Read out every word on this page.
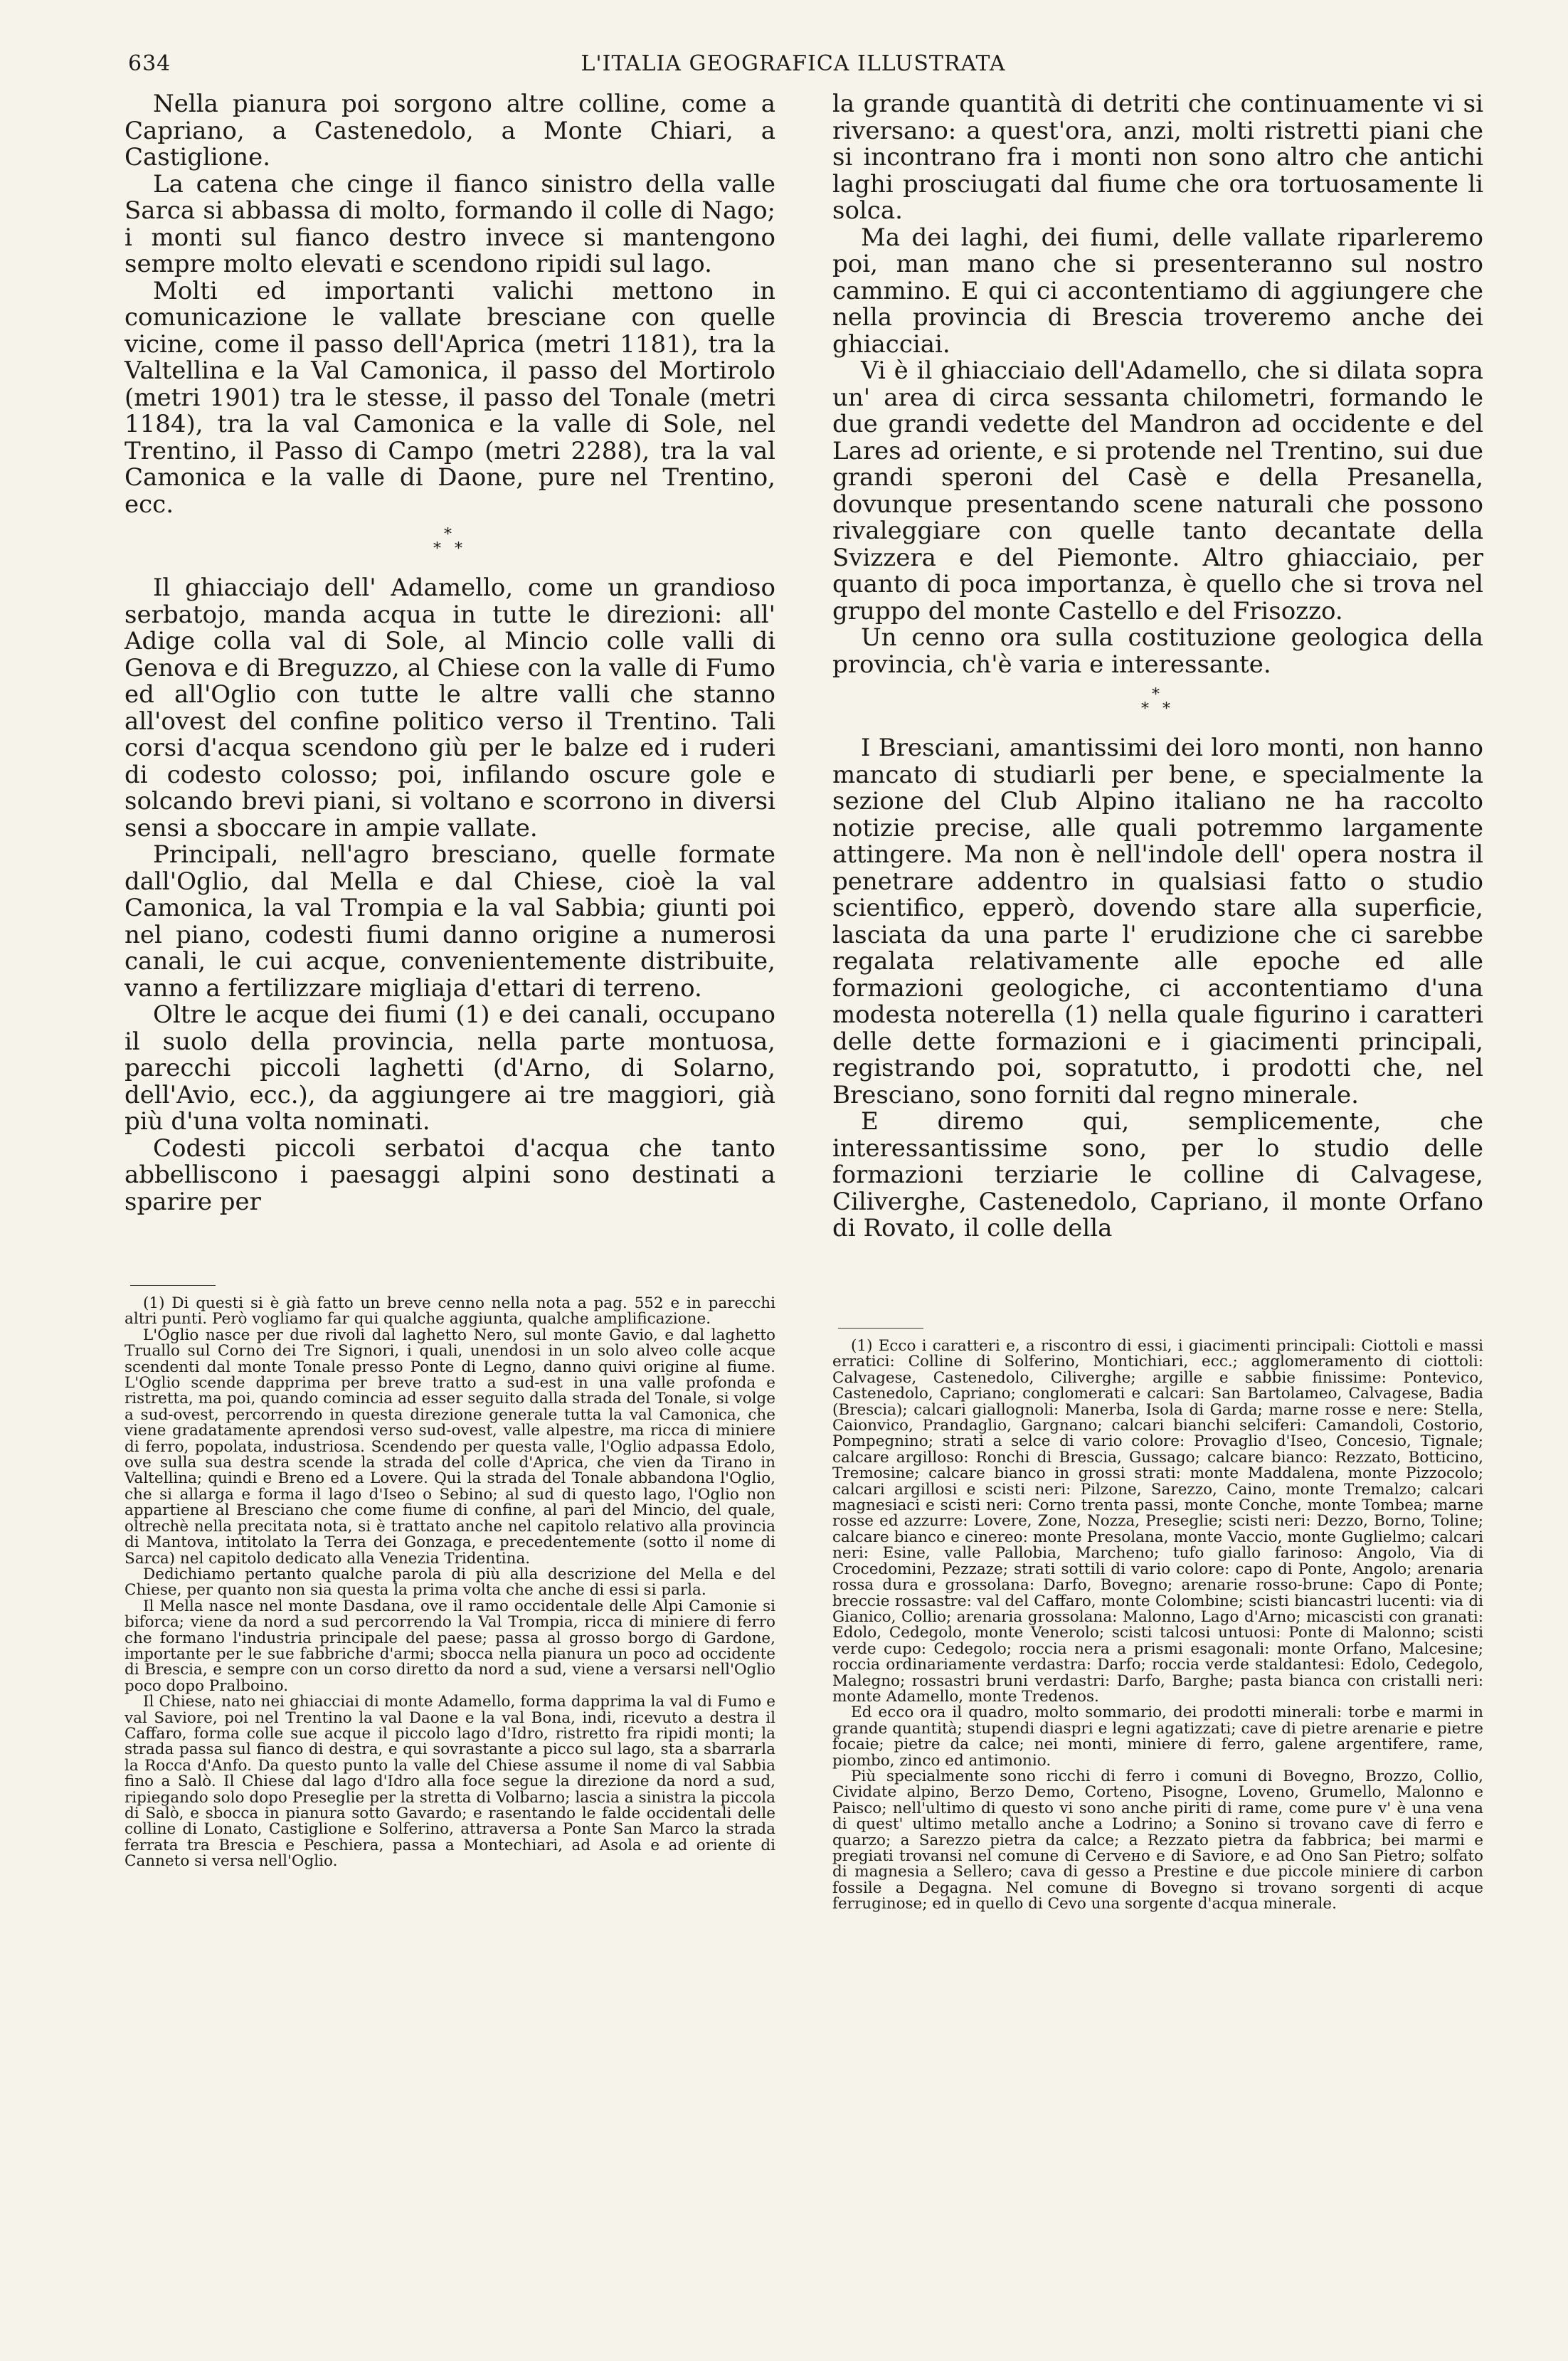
634	L'ITALIA GEOGRAFICA ILLUSTRATA

Nella pianura poi sorgono altre colline, come a Capriano, a Castenedolo, a Monte Chiari, a Castiglione.

La catena che cinge il fianco sinistro della valle Sarca si abbassa di molto, formando il colle di Nago; i monti sul fianco destro invece si mantengono sempre molto elevati e scendono ripidi sul lago.

Molti ed importanti valichi mettono in comunicazione le vallate bresciane con quelle vicine, come il passo dell'Aprica (metri 1181), tra la Valtellina e la Val Camonica, il passo del Mortirolo (metri 1901) tra le stesse, il passo del Tonale (metri 1184), tra la val Camonica e la valle di Sole, nel Trentino, il Passo di Campo (metri 2288), tra la val Camonica e la valle di Daone, pure nel Trentino, ecc.

*
* *

Il ghiacciajo dell' Adamello, come un grandioso serbatojo, manda acqua in tutte le direzioni: all' Adige colla val di Sole, al Mincio colle valli di Genova e di Breguzzo, al Chiese con la valle di Fumo ed all'Oglio con tutte le altre valli che stanno all'ovest del confine politico verso il Trentino. Tali corsi d'acqua scendono giù per le balze ed i ruderi di codesto colosso; poi, infilando oscure gole e solcando brevi piani, si voltano e scorrono in diversi sensi a sboccare in ampie vallate.

Principali, nell'agro bresciano, quelle formate dall'Oglio, dal Mella e dal Chiese, cioè la val Camonica, la val Trompia e la val Sabbia; giunti poi nel piano, codesti fiumi danno origine a numerosi canali, le cui acque, convenientemente distribuite, vanno a fertilizzare migliaja d'ettari di terreno.

Oltre le acque dei fiumi (1) e dei canali, occupano il suolo della provincia, nella parte montuosa, parecchi piccoli laghetti (d'Arno, di Solarno, dell'Avio, ecc.), da aggiungere ai tre maggiori, già più d'una volta nominati.

Codesti piccoli serbatoi d'acqua che tanto abbelliscono i paesaggi alpini sono destinati a sparire per

(1) Di questi si è già fatto un breve cenno nella nota a pag. 552 e in parecchi altri punti. Però vogliamo far qui qualche aggiunta, qualche amplificazione.

L'Oglio nasce per due rivoli dal laghetto Nero, sul monte Gavio, e dal laghetto Truallo sul Corno dei Tre Signori, i quali, unendosi in un solo alveo colle acque scendenti dal monte Tonale presso Ponte di Legno, danno quivi origine al fiume. L'Oglio scende dapprima per breve tratto a sud-est in una valle profonda e ristretta, ma poi, quando comincia ad esser seguito dalla strada del Tonale, si volge a sud-ovest, percorrendo in questa direzione generale tutta la val Camonica, che viene gradatamente aprendosi verso sud-ovest, valle alpestre, ma ricca di miniere di ferro, popolata, industriosa. Scendendo per questa valle, l'Oglio adpassa Edolo, ove sulla sua destra scende la strada del colle d'Aprica, che vien da Tirano in Valtellina; quindi e Breno ed a Lovere. Qui la strada del Tonale abbandona l'Oglio, che si allarga e forma il lago d'Iseo o Sebino; al sud di questo lago, l'Oglio non appartiene al Bresciano che come fiume di confine, al pari del Mincio, del quale, oltrechè nella precitata nota, si è trattato anche nel capitolo relativo alla provincia di Mantova, intitolato la Terra dei Gonzaga, e precedentemente (sotto il nome di Sarca) nel capitolo dedicato alla Venezia Tridentina.

Dedichiamo pertanto qualche parola di più alla descrizione del Mella e del Chiese, per quanto non sia questa la prima volta che anche di essi si parla.

Il Mella nasce nel monte Dasdana, ove il ramo occidentale delle Alpi Camonie si biforca; viene da nord a sud percorrendo la Val Trompia, ricca di miniere di ferro che formano l'industria principale del paese; passa al grosso borgo di Gardone, importante per le sue fabbriche d'armi; sbocca nella pianura un poco ad occidente di Brescia, e sempre con un corso diretto da nord a sud, viene a versarsi nell'Oglio poco dopo Pralboino.

Il Chiese, nato nei ghiacciai di monte Adamello, forma dapprima la val di Fumo e val Saviore, poi nel Trentino la val Daone e la val Bona, indi, ricevuto a destra il Caffaro, forma colle sue acque il piccolo lago d'Idro, ristretto fra ripidi monti; la strada passa sul fianco di destra, e qui sovrastante a picco sul lago, sta a sbarrarla la Rocca d'Anfo. Da questo punto la valle del Chiese assume il nome di val Sabbia fino a Salò. Il Chiese dal lago d'Idro alla foce segue la direzione da nord a sud, ripiegando solo dopo Preseglie per la stretta di Volbarno; lascia a sinistra la piccola di Salò, e sbocca in pianura sotto Gavardo; e rasentando le falde occidentali delle colline di Lonato, Castiglione e Solferino, attraversa a Ponte San Marco la strada ferrata tra Brescia e Peschiera, passa a Montechiari, ad Asola e ad oriente di Canneto si versa nell'Oglio.

la grande quantità di detriti che continuamente vi si riversano: a quest'ora, anzi, molti ristretti piani che si incontrano fra i monti non sono altro che antichi laghi prosciugati dal fiume che ora tortuosamente li solca.

Ma dei laghi, dei fiumi, delle vallate riparleremo poi, man mano che si presenteranno sul nostro cammino. E qui ci accontentiamo di aggiungere che nella provincia di Brescia troveremo anche dei ghiacciai.

Vi è il ghiacciaio dell'Adamello, che si dilata sopra un' area di circa sessanta chilometri, formando le due grandi vedette del Mandron ad occidente e del Lares ad oriente, e si protende nel Trentino, sui due grandi speroni del Casè e della Presanella, dovunque presentando scene naturali che possono rivaleggiare con quelle tanto decantate della Svizzera e del Piemonte. Altro ghiacciaio, per quanto di poca importanza, è quello che si trova nel gruppo del monte Castello e del Frisozzo.

Un cenno ora sulla costituzione geologica della provincia, ch'è varia e interessante.

*
* *

I Bresciani, amantissimi dei loro monti, non hanno mancato di studiarli per bene, e specialmente la sezione del Club Alpino italiano ne ha raccolto notizie precise, alle quali potremmo largamente attingere. Ma non è nell'indole dell' opera nostra il penetrare addentro in qualsiasi fatto o studio scientifico, epperò, dovendo stare alla superficie, lasciata da una parte l' erudizione che ci sarebbe regalata relativamente alle epoche ed alle formazioni geologiche, ci accontentiamo d'una modesta noterella (1) nella quale figurino i caratteri delle dette formazioni e i giacimenti principali, registrando poi, sopratutto, i prodotti che, nel Bresciano, sono forniti dal regno minerale.

E diremo qui, semplicemente, che interessantissime sono, per lo studio delle formazioni terziarie le colline di Calvagese, Ciliverghe, Castenedolo, Capriano, il monte Orfano di Rovato, il colle della

(1) Ecco i caratteri e, a riscontro di essi, i giacimenti principali: Ciottoli e massi erratici: Colline di Solferino, Montichiari, ecc.; agglomeramento di ciottoli: Calvagese, Castenedolo, Ciliverghe; argille e sabbie finissime: Pontevico, Castenedolo, Capriano; conglomerati e calcari: San Bartolameo, Calvagese, Badia (Brescia); calcari giallognoli: Manerba, Isola di Garda; marne rosse e nere: Stella, Caionvico, Prandaglio, Gargnano; calcari bianchi selciferi: Camandoli, Costorio, Pompegnino; strati a selce di vario colore: Provaglio d'Iseo, Concesio, Tignale; calcare argilloso: Ronchi di Brescia, Gussago; calcare bianco: Rezzato, Botticino, Tremosine; calcare bianco in grossi strati: monte Maddalena, monte Pizzocolo; calcari argillosi e scisti neri: Pilzone, Sarezzo, Caino, monte Tremalzo; calcari magnesiaci e scisti neri: Corno trenta passi, monte Conche, monte Tombea; marne rosse ed azzurre: Lovere, Zone, Nozza, Preseglie; scisti neri: Dezzo, Borno, Toline; calcare bianco e cinereo: monte Presolana, monte Vaccio, monte Guglielmo; calcari neri: Esine, valle Pallobia, Marcheno; tufo giallo farinoso: Angolo, Via di Crocedomini, Pezzaze; strati sottili di vario colore: capo di Ponte, Angolo; arenaria rossa dura e grossolana: Darfo, Bovegno; arenarie rosso-brune: Capo di Ponte; breccie rossastre: val del Caffaro, monte Colombine; scisti biancastri lucenti: via di Gianico, Collio; arenaria grossolana: Malonno, Lago d'Arno; micascisti con granati: Edolo, Cedegolo, monte Venerolo; scisti talcosi untuosi: Ponte di Malonno; scisti verde cupo: Cedegolo; roccia nera a prismi esagonali: monte Orfano, Malcesine; roccia ordinariamente verdastra: Darfo; roccia verde staldantesi: Edolo, Cedegolo, Malegno; rossastri bruni verdastri: Darfo, Barghe; pasta bianca con cristalli neri: monte Adamello, monte Tredenos.

Ed ecco ora il quadro, molto sommario, dei prodotti minerali: torbe e marmi in grande quantità; stupendi diaspri e legni agatizzati; cave di pietre arenarie e pietre focaie; pietre da calce; nei monti, miniere di ferro, galene argentifere, rame, piombo, zinco ed antimonio.

Più specialmente sono ricchi di ferro i comuni di Bovegno, Brozzo, Collio, Cividate alpino, Berzo Demo, Corteno, Pisogne, Loveno, Grumello, Malonno e Paisco; nell'ultimo di questo vi sono anche piriti di rame, come pure v' è una vena di quest' ultimo metallo anche a Lodrino; a Sonino si trovano cave di ferro e quarzo; a Sarezzo pietra da calce; a Rezzato pietra da fabbrica; bei marmi e pregiati trovansi nel comune di Cervено e di Saviore, e ad Ono San Pietro; solfato di magnesia a Sellero; cava di gesso a Prestine e due piccole miniere di carbon fossile a Degagna. Nel comune di Bovegno si trovano sorgenti di acque ferruginose; ed in quello di Cevo una sorgente d'acqua minerale.
